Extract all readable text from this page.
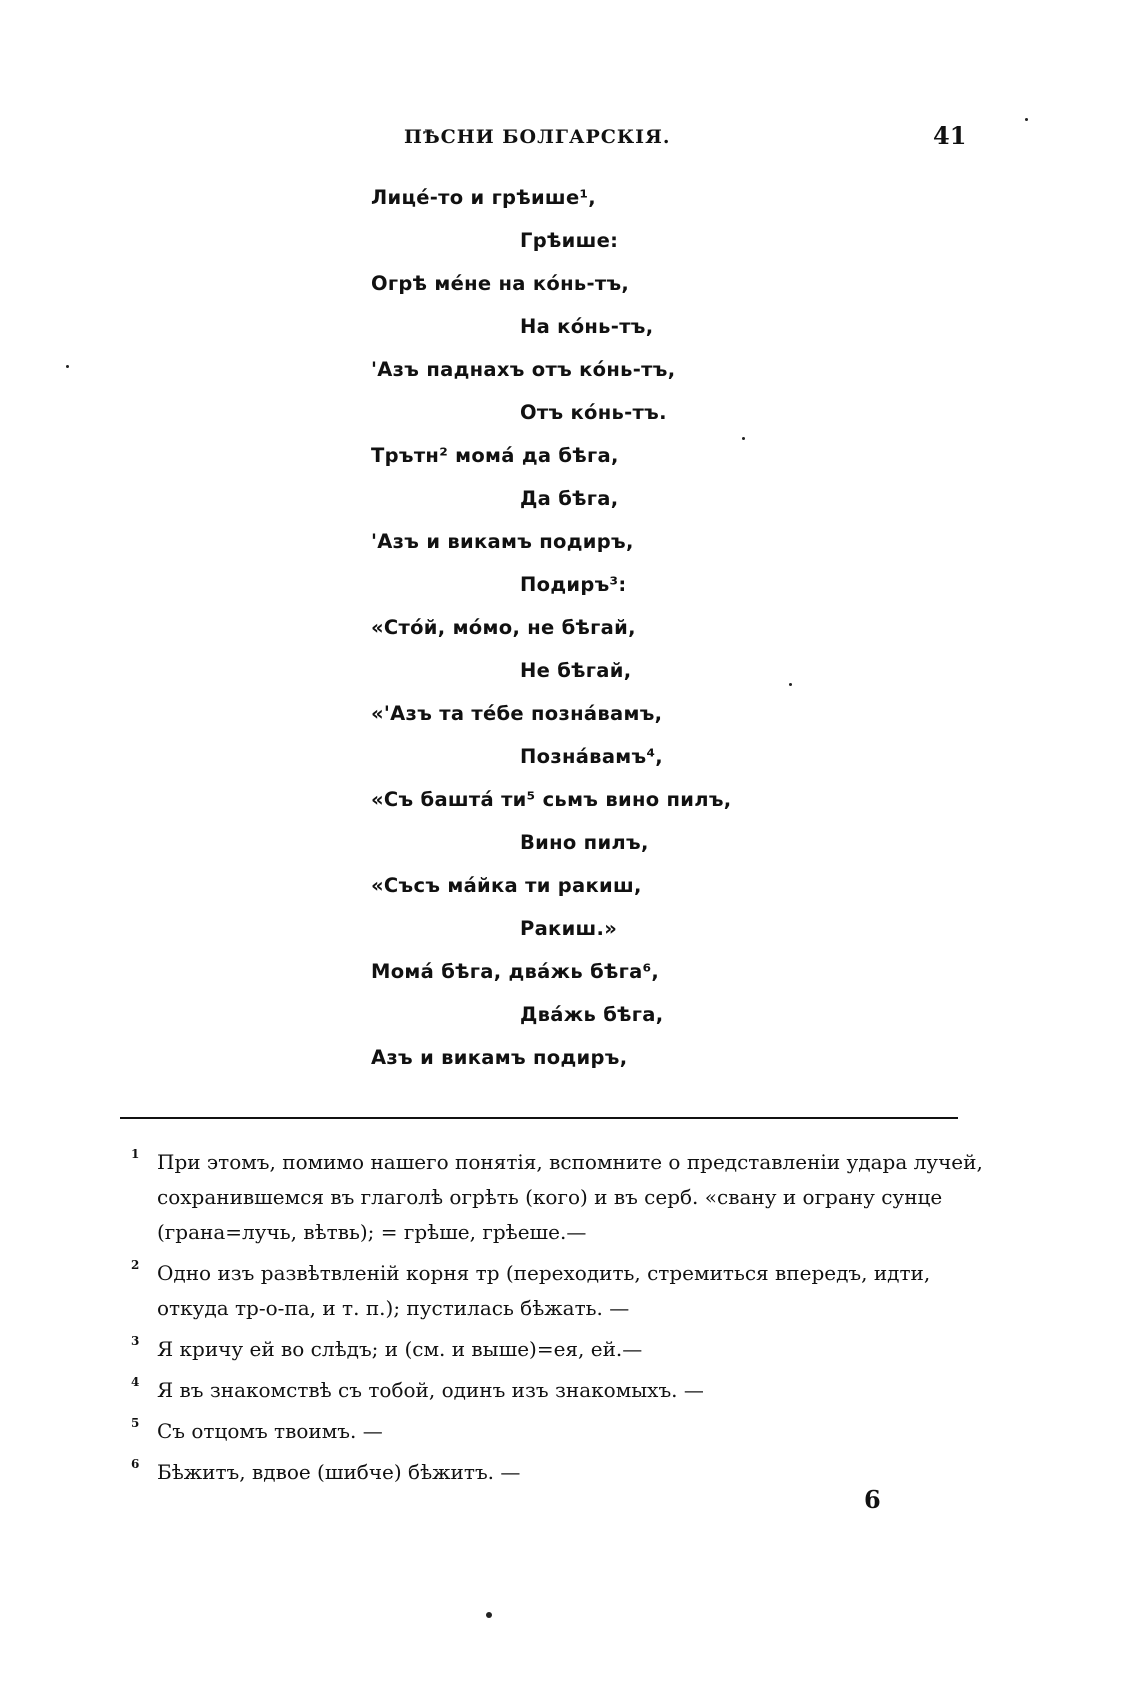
ПѢСНИ БОЛГАРСКІЯ.	41
Лицé-то и грѣише¹,
Грѣише:
Огрѣ мéне на кóнь-тъ,
На кóнь-тъ,
'Азъ паднахъ отъ кóнь-тъ,
Отъ кóнь-тъ.
Трътн² момá да бѣга,
Да бѣга,
'Азъ и викамъ подиръ,
Подиръ³:
«Стóй, мóмо, не бѣгай,
Не бѣгай,
«'Азъ та тéбе позна́вамъ,
Позна́вамъ⁴,
«Съ баштá ти⁵ сьмъ вино пилъ,
Вино пилъ,
«Съсъ мáйка ти ракиш,
Ракиш.»
Момá бѣга, двáжь бѣга⁶,
Двáжь бѣга,
Азъ и викамъ подиръ,
1 При этомъ, помимо нашего понятія, вспомните о представленіи удара лучей, сохранившемся въ глаголѣ огрѣть (кого) и въ серб. «свану и ограну сунце (грана=лучь, вѣтвь); = грѣше, грѣеше.—
2 Одно изъ развѣтвленій корня тр (переходить, стремиться впередъ, идти, откуда тр-о-па, и т. п.); пустилась бѣжать. —
3 Я кричу ей во слѣдъ; и (см. и выше)=ея, ей.—
4 Я въ знакомствѣ съ тобой, одинъ изъ знакомыхъ. —
5 Съ отцомъ твоимъ. —
6 Бѣжитъ, вдвое (шибче) бѣжитъ. —
6
